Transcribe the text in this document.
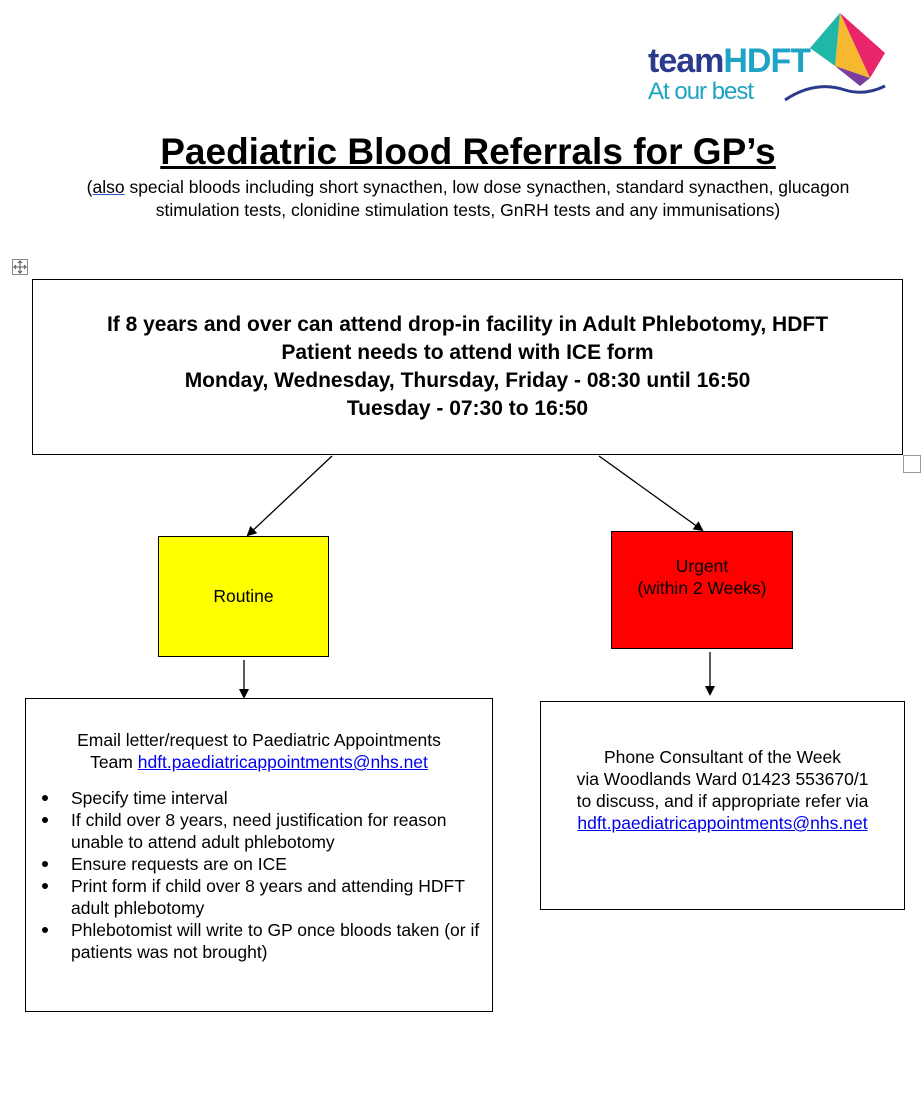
teamHDFT
At our best
Paediatric Blood Referrals for GP’s
(also special bloods including short synacthen, low dose synacthen, standard synacthen, glucagon
stimulation tests, clonidine stimulation tests, GnRH tests and any immunisations)
If 8 years and over can attend drop-in facility in Adult Phlebotomy, HDFT
Patient needs to attend with ICE form
Monday, Wednesday, Thursday, Friday - 08:30 until 16:50
Tuesday - 07:30 to 16:50
Routine
Urgent
(within 2 Weeks)
Email letter/request to Paediatric Appointments
Team hdft.paediatricappointments@nhs.net
Specify time interval
If child over 8 years, need justification for reason unable to attend adult phlebotomy
Ensure requests are on ICE
Print form if child over 8 years and attending HDFT adult phlebotomy
Phlebotomist will write to GP once bloods taken (or if patients was not brought)
Phone Consultant of the Week
via Woodlands Ward 01423 553670/1
to discuss, and if appropriate refer via
hdft.paediatricappointments@nhs.net
